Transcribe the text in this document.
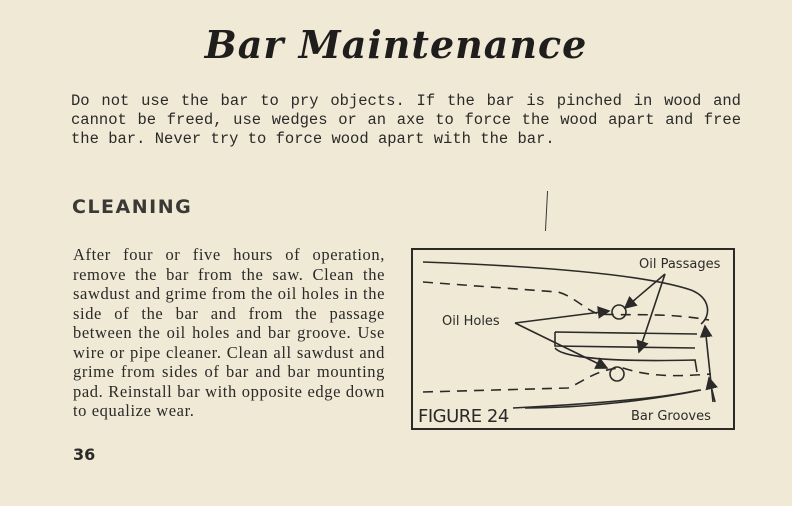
Bar Maintenance
Do not use the bar to pry objects. If the bar is pinched in wood and cannot be freed, use wedges or an axe to force the wood apart and free the bar. Never try to force wood apart with the bar.
CLEANING
After four or five hours of operation, remove the bar from the saw. Clean the sawdust and grime from the oil holes in the side of the bar and from the passage between the oil holes and bar groove. Use wire or pipe cleaner. Clean all sawdust and grime from sides of bar and bar mounting pad. Reinstall bar with opposite edge down to equalize wear.
36
Oil Passages
Oil Holes
Bar Grooves
FIGURE 24
